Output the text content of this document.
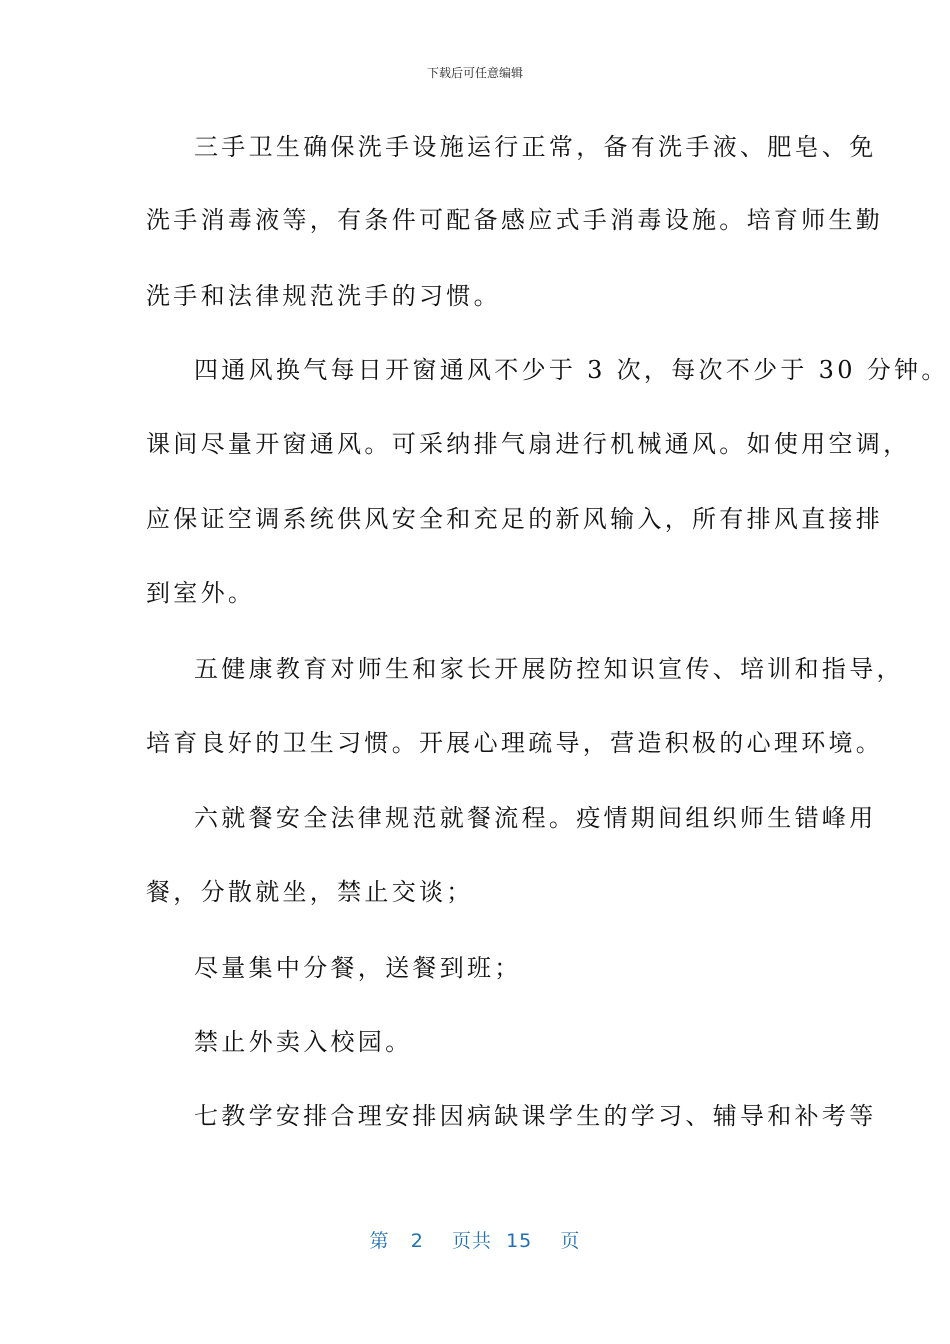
下载后可任意编辑
三手卫生确保洗手设施运行正常，备有洗手液、肥皂、免
洗手消毒液等，有条件可配备感应式手消毒设施。培育师生勤
洗手和法律规范洗手的习惯。
四通风换气每日开窗通风不少于 3 次，每次不少于 30 分钟。
课间尽量开窗通风。可采纳排气扇进行机械通风。如使用空调，
应保证空调系统供风安全和充足的新风输入，所有排风直接排
到室外。
五健康教育对师生和家长开展防控知识宣传、培训和指导，
培育良好的卫生习惯。开展心理疏导，营造积极的心理环境。
六就餐安全法律规范就餐流程。疫情期间组织师生错峰用
餐，分散就坐，禁止交谈；
尽量集中分餐，送餐到班；
禁止外卖入校园。
七教学安排合理安排因病缺课学生的学习、辅导和补考等
第 2 页共 15 页
